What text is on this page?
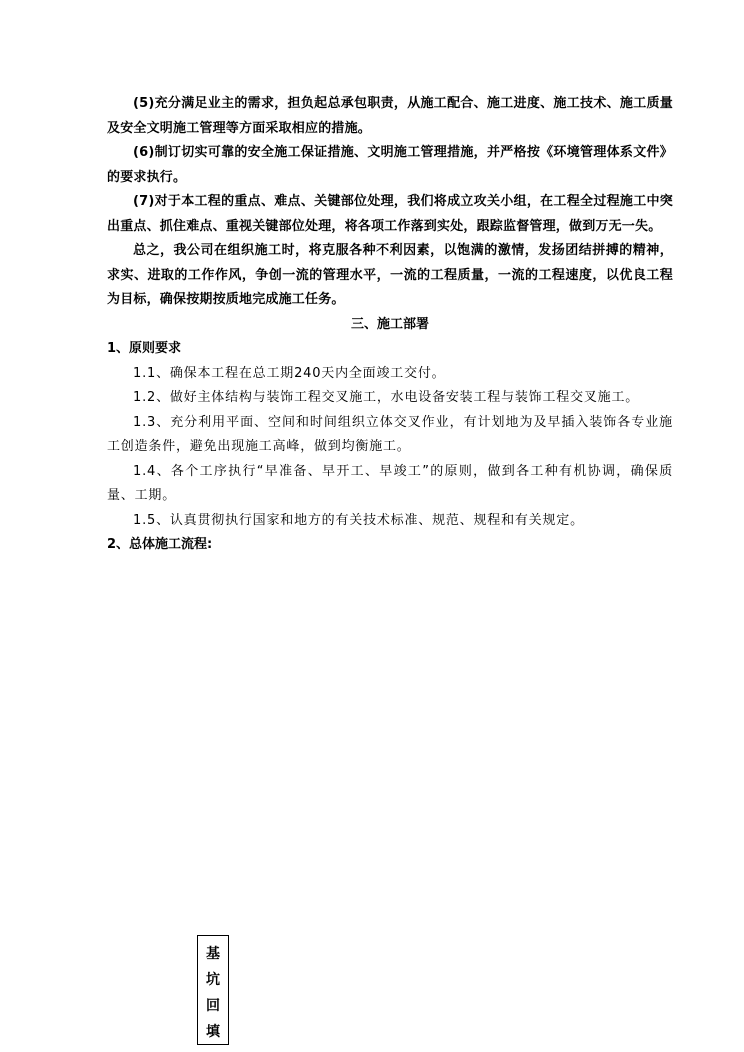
(5)充分满足业主的需求，担负起总承包职责，从施工配合、施工进度、施工技术、施工质量及安全文明施工管理等方面采取相应的措施。

(6)制订切实可靠的安全施工保证措施、文明施工管理措施，并严格按《环境管理体系文件》的要求执行。

(7)对于本工程的重点、难点、关键部位处理，我们将成立攻关小组，在工程全过程施工中突出重点、抓住难点、重视关键部位处理，将各项工作落到实处，跟踪监督管理，做到万无一失。

总之，我公司在组织施工时，将克服各种不利因素，以饱满的激情，发扬团结拼搏的精神，求实、进取的工作作风，争创一流的管理水平，一流的工程质量，一流的工程速度，以优良工程为目标，确保按期按质地完成施工任务。

三、施工部署

1、原则要求

1.1、确保本工程在总工期240天内全面竣工交付。

1.2、做好主体结构与装饰工程交叉施工，水电设备安装工程与装饰工程交叉施工。

1.3、充分利用平面、空间和时间组织立体交叉作业，有计划地为及早插入装饰各专业施工创造条件，避免出现施工高峰，做到均衡施工。

1.4、各个工序执行“早准备、早开工、早竣工”的原则，做到各工种有机协调，确保质量、工期。

1.5、认真贯彻执行国家和地方的有关技术标准、规范、规程和有关规定。

2、总体施工流程:

基
坑
回
填
